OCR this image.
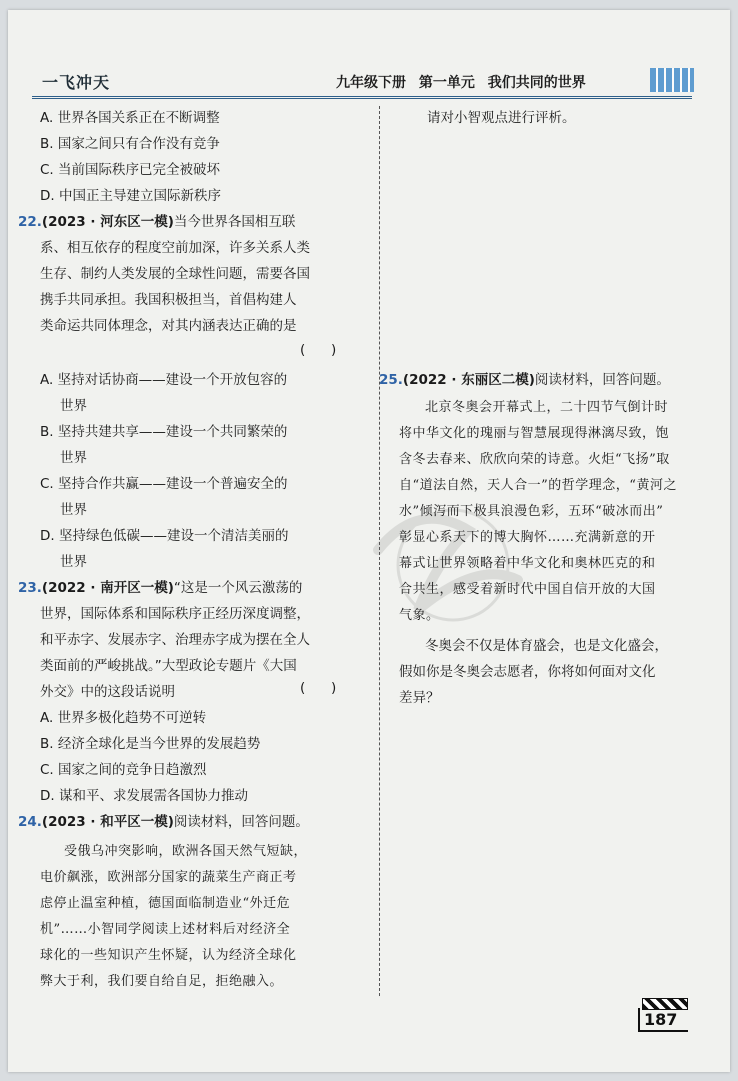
一飞冲天	九年级下册 第一单元 我们共同的世界
A. 世界各国关系正在不断调整
B. 国家之间只有合作没有竞争
C. 当前国际秩序已完全被破坏
D. 中国正主导建立国际新秩序
22.(2023 · 河东区一模)当今世界各国相互联
系、相互依存的程度空前加深，许多关系人类
生存、制约人类发展的全球性问题，需要各国
携手共同承担。我国积极担当，首倡构建人
类命运共同体理念，对其内涵表达正确的是
(      )
A. 坚持对话协商——建设一个开放包容的
世界
B. 坚持共建共享——建设一个共同繁荣的
世界
C. 坚持合作共赢——建设一个普遍安全的
世界
D. 坚持绿色低碳——建设一个清洁美丽的
世界
23.(2022 · 南开区一模)“这是一个风云激荡的
世界，国际体系和国际秩序正经历深度调整，
和平赤字、发展赤字、治理赤字成为摆在全人
类面前的严峻挑战。”大型政论专题片《大国
外交》中的这段话说明	(      )
A. 世界多极化趋势不可逆转
B. 经济全球化是当今世界的发展趋势
C. 国家之间的竞争日趋激烈
D. 谋和平、求发展需各国协力推动
24.(2023 · 和平区一模)阅读材料，回答问题。
受俄乌冲突影响，欧洲各国天然气短缺，
电价飙涨，欧洲部分国家的蔬菜生产商正考
虑停止温室种植，德国面临制造业“外迁危
机”……小智同学阅读上述材料后对经济全
球化的一些知识产生怀疑，认为经济全球化
弊大于利，我们要自给自足，拒绝融入。
请对小智观点进行评析。
25.(2022 · 东丽区二模)阅读材料，回答问题。
北京冬奥会开幕式上，二十四节气倒计时
将中华文化的瑰丽与智慧展现得淋漓尽致，饱
含冬去春来、欣欣向荣的诗意。火炬“飞扬”取
自“道法自然，天人合一”的哲学理念，“黄河之
水”倾泻而下极具浪漫色彩，五环“破冰而出”
彰显心系天下的博大胸怀……充满新意的开
幕式让世界领略着中华文化和奥林匹克的和
合共生，感受着新时代中国自信开放的大国
气象。
冬奥会不仅是体育盛会，也是文化盛会，
假如你是冬奥会志愿者，你将如何面对文化
差异？
187
